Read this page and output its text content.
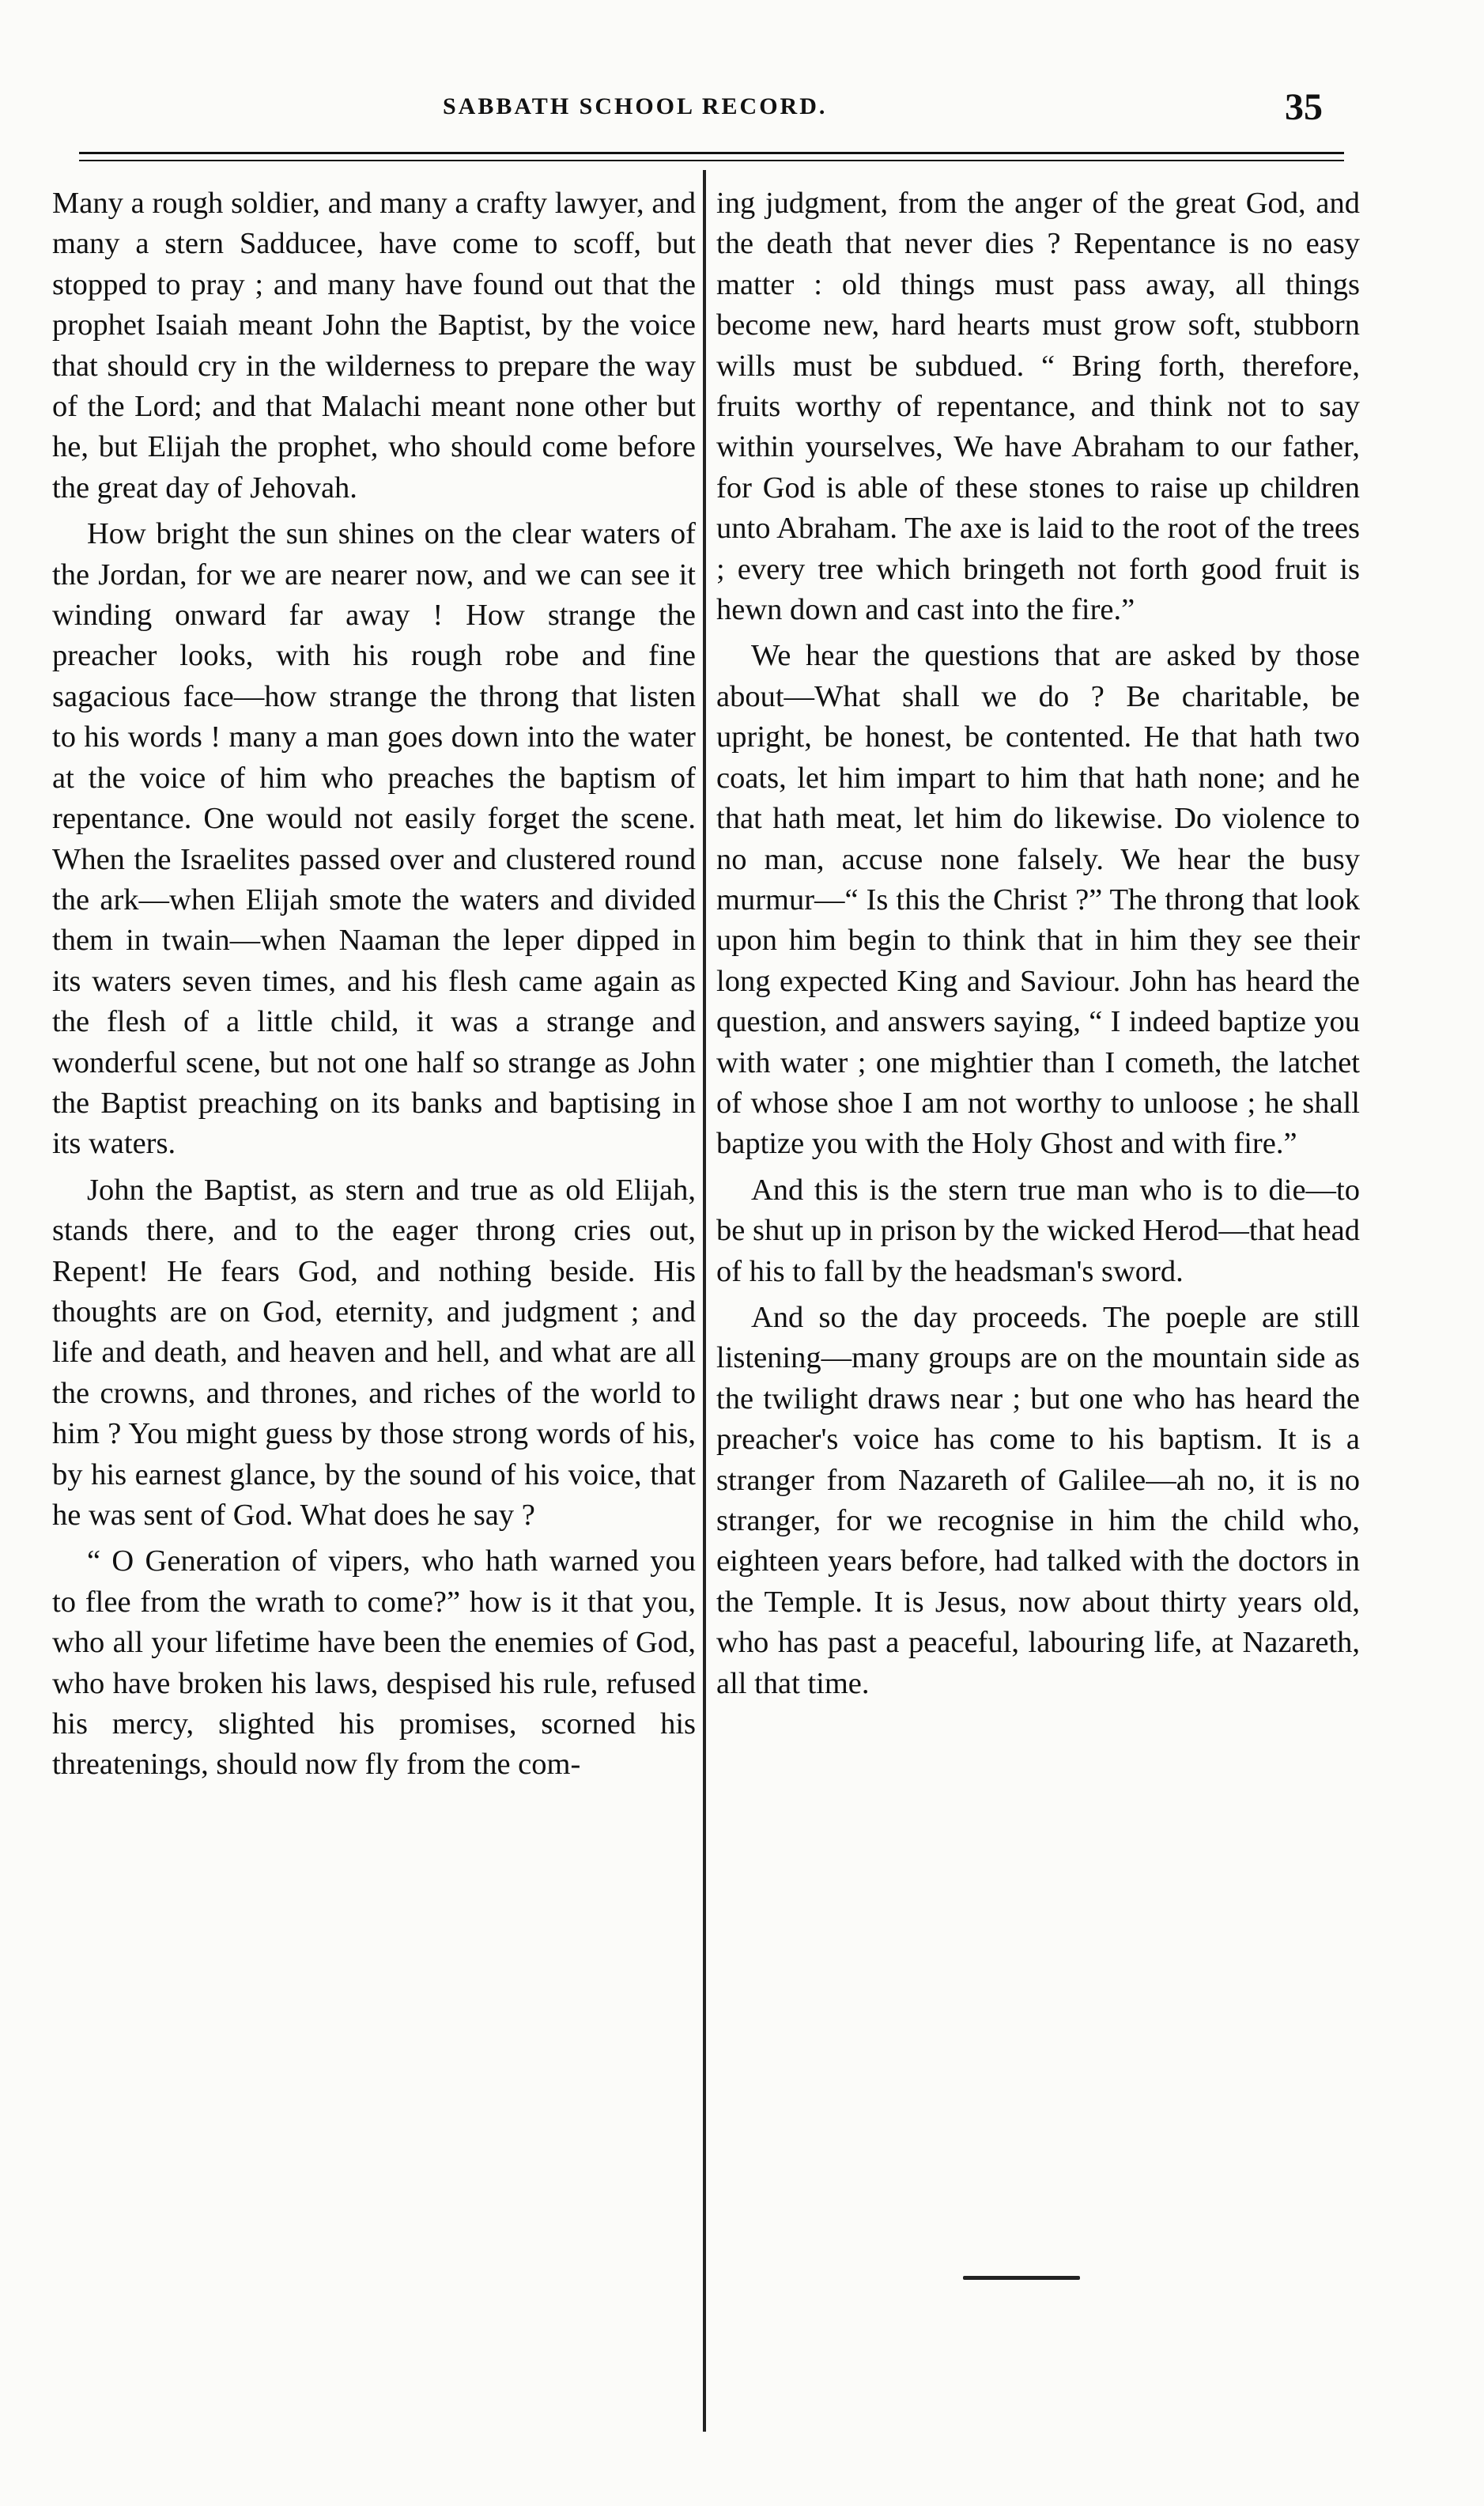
SABBATH SCHOOL RECORD.	35

Many a rough soldier, and many a crafty lawyer, and many a stern Sadducee, have come to scoff, but stopped to pray ; and many have found out that the prophet Isaiah meant John the Baptist, by the voice that should cry in the wilderness to prepare the way of the Lord; and that Malachi meant none other but he, but Elijah the prophet, who should come before the great day of Jehovah.

How bright the sun shines on the clear waters of the Jordan, for we are nearer now, and we can see it winding onward far away ! How strange the preacher looks, with his rough robe and fine sagacious face—how strange the throng that listen to his words ! many a man goes down into the water at the voice of him who preaches the baptism of repentance. One would not easily forget the scene. When the Israelites passed over and clustered round the ark—when Elijah smote the waters and divided them in twain—when Naaman the leper dipped in its waters seven times, and his flesh came again as the flesh of a little child, it was a strange and wonderful scene, but not one half so strange as John the Baptist preaching on its banks and baptising in its waters.

John the Baptist, as stern and true as old Elijah, stands there, and to the eager throng cries out, Repent! He fears God, and nothing beside. His thoughts are on God, eternity, and judgment ; and life and death, and heaven and hell, and what are all the crowns, and thrones, and riches of the world to him ? You might guess by those strong words of his, by his earnest glance, by the sound of his voice, that he was sent of God. What does he say ?

“ O Generation of vipers, who hath warned you to flee from the wrath to come?” how is it that you, who all your lifetime have been the enemies of God, who have broken his laws, despised his rule, refused his mercy, slighted his promises, scorned his threatenings, should now fly from the com-

ing judgment, from the anger of the great God, and the death that never dies ? Repentance is no easy matter : old things must pass away, all things become new, hard hearts must grow soft, stubborn wills must be subdued. “ Bring forth, therefore, fruits worthy of repentance, and think not to say within yourselves, We have Abraham to our father, for God is able of these stones to raise up children unto Abraham. The axe is laid to the root of the trees ; every tree which bringeth not forth good fruit is hewn down and cast into the fire.”

We hear the questions that are asked by those about—What shall we do ? Be charitable, be upright, be honest, be contented. He that hath two coats, let him impart to him that hath none; and he that hath meat, let him do likewise. Do violence to no man, accuse none falsely. We hear the busy murmur—“ Is this the Christ ?” The throng that look upon him begin to think that in him they see their long expected King and Saviour. John has heard the question, and answers saying, “ I indeed baptize you with water ; one mightier than I cometh, the latchet of whose shoe I am not worthy to unloose ; he shall baptize you with the Holy Ghost and with fire.”

And this is the stern true man who is to die—to be shut up in prison by the wicked Herod—that head of his to fall by the headsman's sword.

And so the day proceeds. The poeple are still listening—many groups are on the mountain side as the twilight draws near ; but one who has heard the preacher's voice has come to his baptism. It is a stranger from Nazareth of Galilee—ah no, it is no stranger, for we recognise in him the child who, eighteen years before, had talked with the doctors in the Temple. It is Jesus, now about thirty years old, who has past a peaceful, labouring life, at Nazareth, all that time.
